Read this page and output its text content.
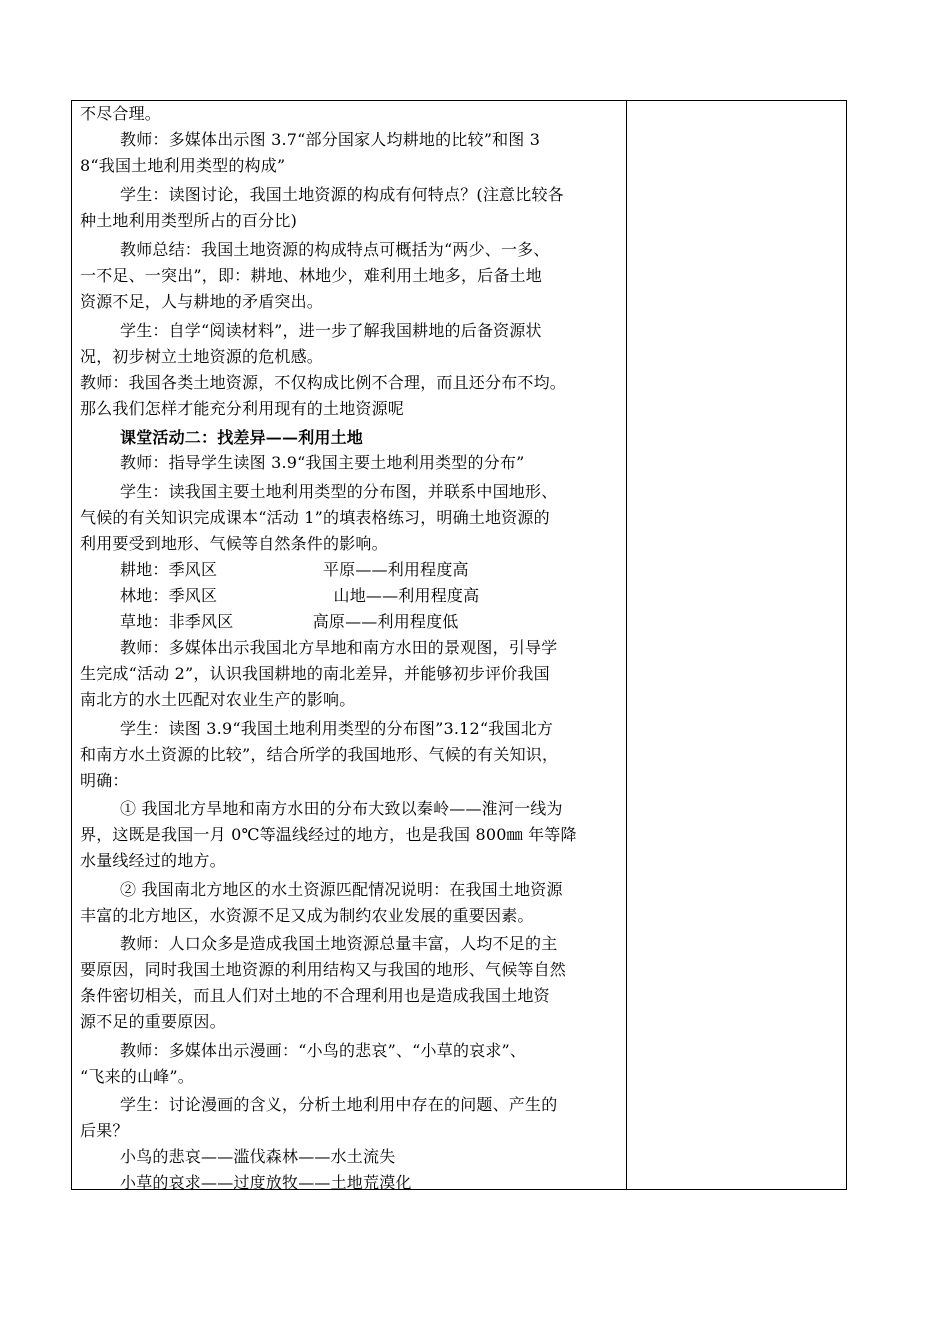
不尽合理。
教师：多媒体出示图 3.7“部分国家人均耕地的比较”和图 3
8“我国土地利用类型的构成”
学生：读图讨论，我国土地资源的构成有何特点？(注意比较各
种土地利用类型所占的百分比)
教师总结：我国土地资源的构成特点可概括为“两少、一多、
一不足、一突出”，即：耕地、林地少，难利用土地多，后备土地
资源不足，人与耕地的矛盾突出。
学生：自学“阅读材料”，进一步了解我国耕地的后备资源状
况，初步树立土地资源的危机感。
教师：我国各类土地资源，不仅构成比例不合理，而且还分布不均。
那么我们怎样才能充分利用现有的土地资源呢
课堂活动二：找差异——利用土地
教师：指导学生读图 3.9“我国主要土地利用类型的分布”
学生：读我国主要土地利用类型的分布图，并联系中国地形、
气候的有关知识完成课本“活动 1”的填表格练习，明确土地资源的
利用要受到地形、气候等自然条件的影响。
耕地：季风区                    平原——利用程度高
林地：季风区                      山地——利用程度高
草地：非季风区               高原——利用程度低
教师：多媒体出示我国北方旱地和南方水田的景观图，引导学
生完成“活动 2”，认识我国耕地的南北差异，并能够初步评价我国
南北方的水土匹配对农业生产的影响。
学生：读图 3.9“我国土地利用类型的分布图”3.12“我国北方
和南方水土资源的比较”，结合所学的我国地形、气候的有关知识，
明确：
① 我国北方旱地和南方水田的分布大致以秦岭——淮河一线为
界，这既是我国一月 0℃等温线经过的地方，也是我国 800㎜ 年等降
水量线经过的地方。
② 我国南北方地区的水土资源匹配情况说明：在我国土地资源
丰富的北方地区，水资源不足又成为制约农业发展的重要因素。
教师：人口众多是造成我国土地资源总量丰富，人均不足的主
要原因，同时我国土地资源的利用结构又与我国的地形、气候等自然
条件密切相关，而且人们对土地的不合理利用也是造成我国土地资
源不足的重要原因。
教师：多媒体出示漫画：“小鸟的悲哀”、“小草的哀求”、
“飞来的山峰”。
学生：讨论漫画的含义，分析土地利用中存在的问题、产生的
后果？
小鸟的悲哀——滥伐森林——水土流失
小草的哀求——过度放牧——土地荒漠化
